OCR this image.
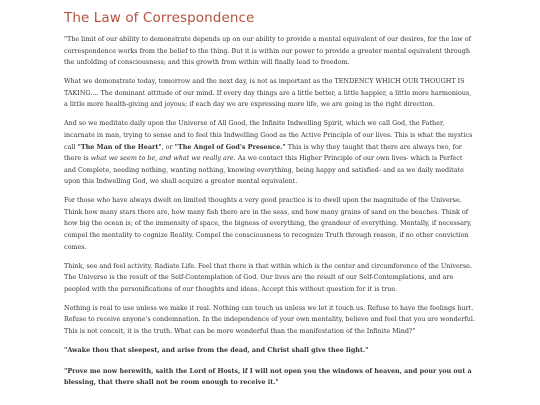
The Law of Correspondence

"The limit of our ability to demonstrate depends up on our ability to provide a mental equivalent of our desires, for the law of correspondence works from the belief to the thing. But it is within our power to provide a greater mental equivalent through the unfolding of consciousness; and this growth from within will finally lead to freedom.

What we demonstrate today, tomorrow and the next day, is not as important as the TENDENCY WHICH OUR THOUGHT IS TAKING.... The dominant attitude of our mind. If every day things are a little better, a little happier, a little more harmonious, a little more health-giving and joyous; if each day we are expressing more life, we are going in the right direction.

And so we meditate daily upon the Universe of All Good, the Infinite Indwelling Spirit, which we call God, the Father, incarnate in man, trying to sense and to feel this Indwelling Good as the Active Principle of our lives. This is what the mystics call "The Man of the Heart", or "The Angel of God's Presence." This is why they taught that there are always two, for there is what we seem to be, and what we really are. As we contact this Higher Principle of our own lives- which is Perfect and Complete, needing nothing, wanting nothing, knowing everything, being happy and satisfied- and as we daily meditate upon this Indwelling God, we shall acquire a greater mental equivalent.

For those who have always dwelt on limited thoughts a very good practice is to dwell upon the magnitude of the Universe. Think how many stars there are, how many fish there are in the seas, and how many grains of sand on the beaches. Think of how big the ocean is; of the immensity of space, the bigness of everything, the grandeur of everything. Mentally, if necessary, compel the mentality to cognize Reality. Compel the consciousness to recognize Truth through reason, if no other conviction comes.

Think, see and feel activity. Radiate Life. Feel that there is that within which is the center and circumference of the Universe. The Universe is the result of the Self-Contemplation of God. Our lives are the result of our Self-Contemplations, and are peopled with the personifications of our thoughts and ideas. Accept this without question for it is true.

Nothing is real to use unless we make it real. Nothing can touch us unless we let it touch us. Refuse to have the feelings hurt. Refuse to receive anyone's condemnation. In the independence of your own mentality, believe and feel that you are wonderful. This is not conceit, it is the truth. What can be more wonderful than the manifestation of the Infinite Mind?"

"Awake thou that sleepest, and arise from the dead, and Christ shall give thee light."

"Prove me now herewith, saith the Lord of Hosts, if I will not open you the windows of heaven, and pour you out a blessing, that there shall not be room enough to receive it."
